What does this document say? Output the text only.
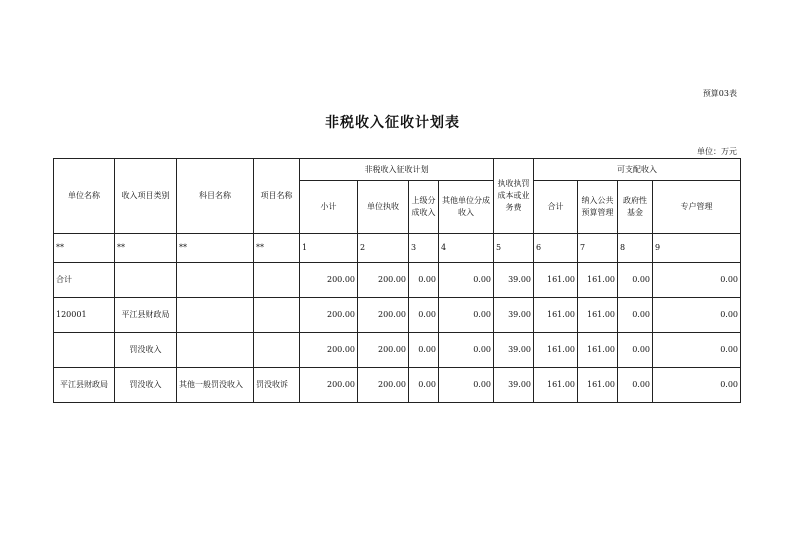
预算03表
非税收入征收计划表
单位：万元
单位名称	收入项目类别	科目名称	项目名称	非税收入征收计划				执收执罚成本或业务费	可支配收入			
				小计	单位执收	上级分成收入	其他单位分成收入		合计	纳入公共预算管理	政府性基金	专户管理
**	**	**	**	1	2	3	4	5	6	7	8	9
合计				200.00	200.00	0.00	0.00	39.00	161.00	161.00	0.00	0.00
120001	平江县财政局			200.00	200.00	0.00	0.00	39.00	161.00	161.00	0.00	0.00
	罚没收入			200.00	200.00	0.00	0.00	39.00	161.00	161.00	0.00	0.00
平江县财政局	罚没收入	其他一般罚没收入	罚没收诉	200.00	200.00	0.00	0.00	39.00	161.00	161.00	0.00	0.00
